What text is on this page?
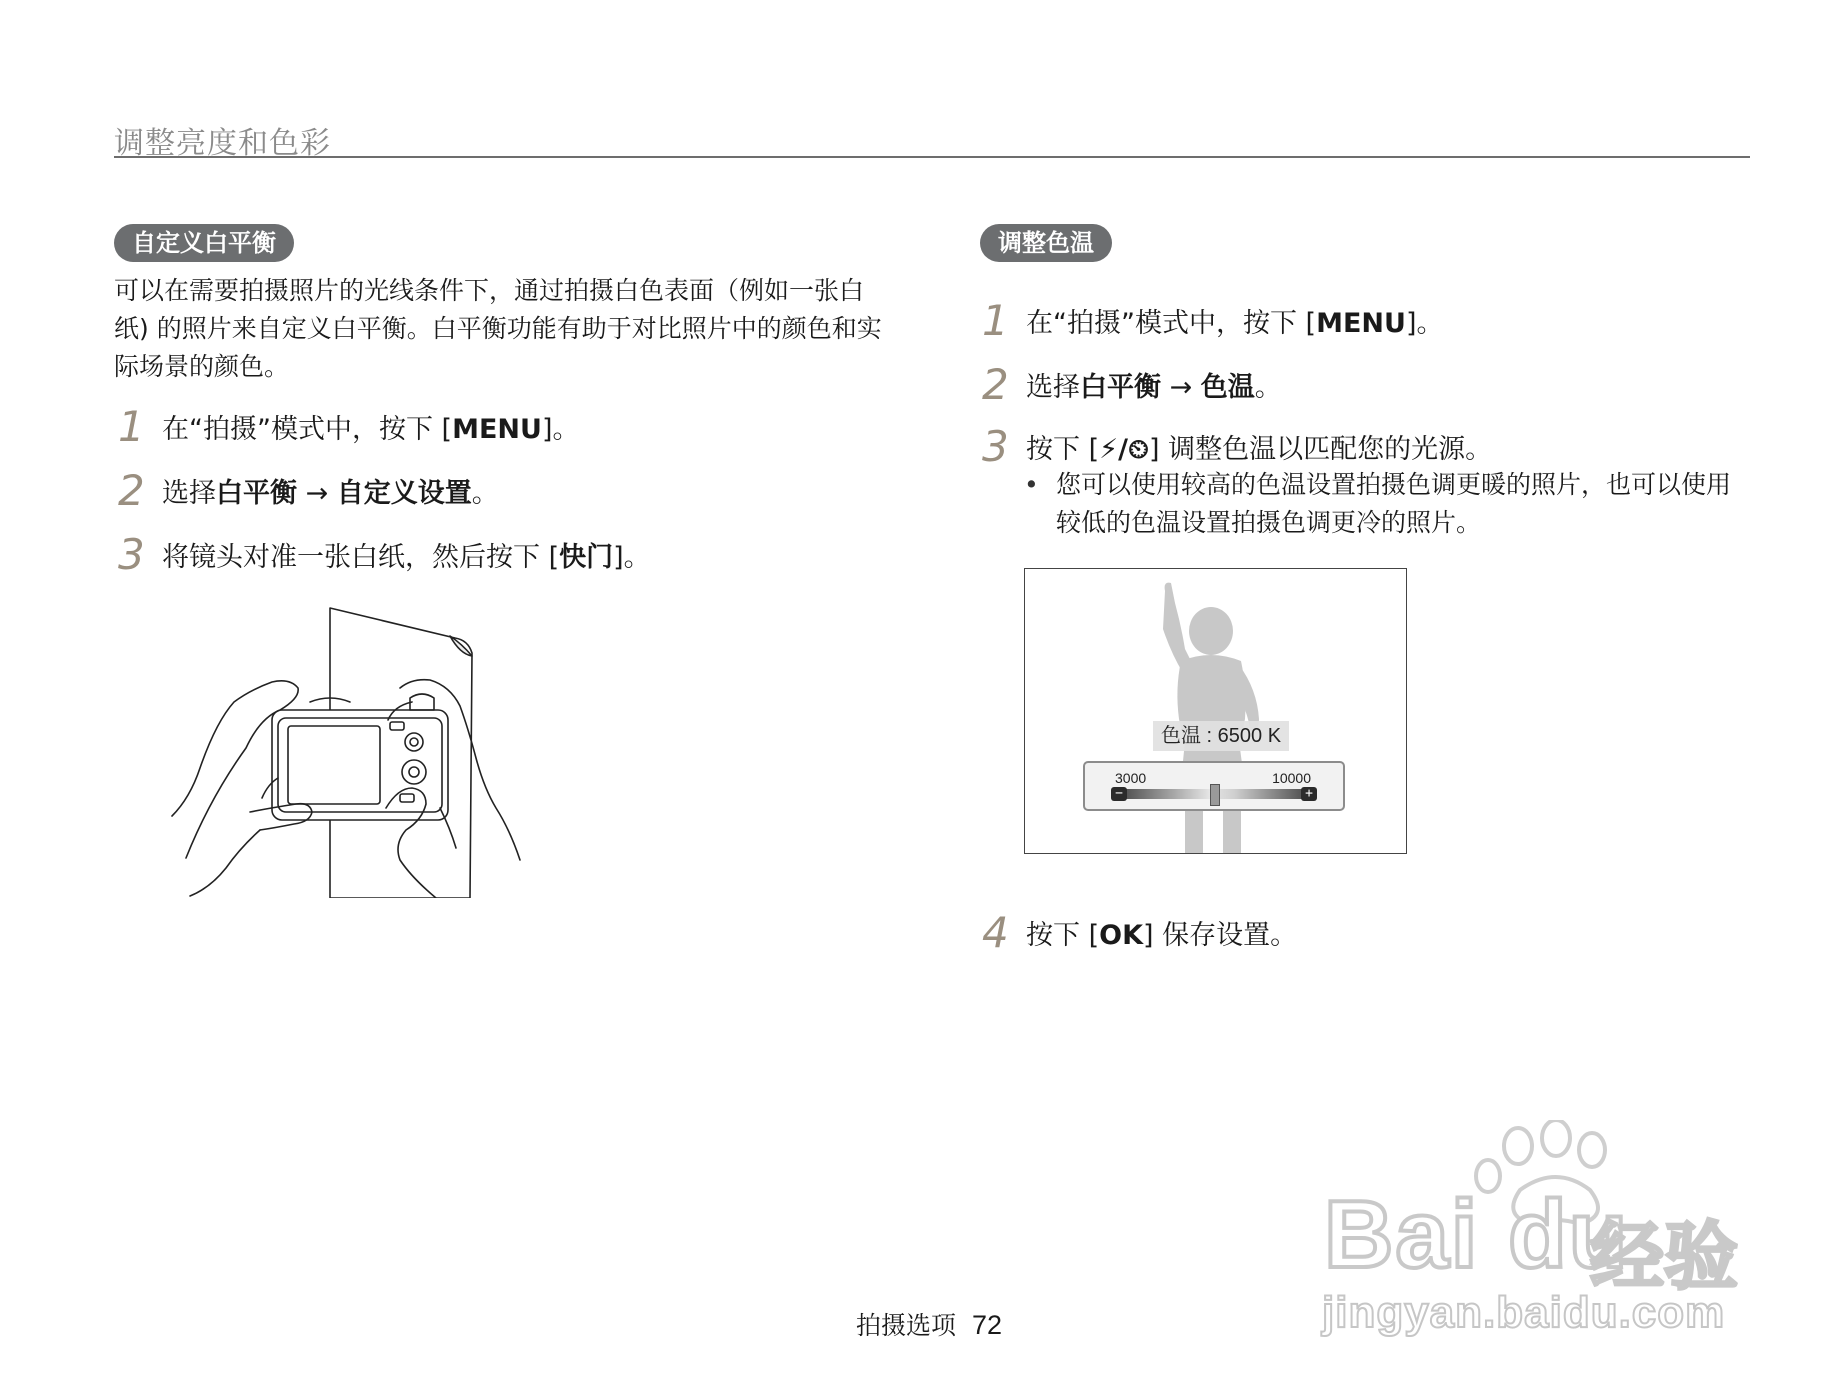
调整亮度和色彩
自定义白平衡
可以在需要拍摄照片的光线条件下，通过拍摄白色表面（例如一张白纸) 的照片来自定义白平衡。白平衡功能有助于对比照片中的颜色和实际场景的颜色。
1 在“拍摄”模式中，按下 [MENU]。
2 选择白平衡 → 自定义设置。
3 将镜头对准一张白纸，然后按下 [快门]。
调整色温
1 在“拍摄”模式中，按下 [MENU]。
2 选择白平衡 → 色温。
3 按下 [⚡/⏲] 调整色温以匹配您的光源。
• 您可以使用较高的色温设置拍摄色调更暖的照片，也可以使用较低的色温设置拍摄色调更冷的照片。
色温 : 6500 K
3000	10000
−	+
4 按下 [OK] 保存设置。
Bai du
经验
jingyan.baidu.com
拍摄选项 72
